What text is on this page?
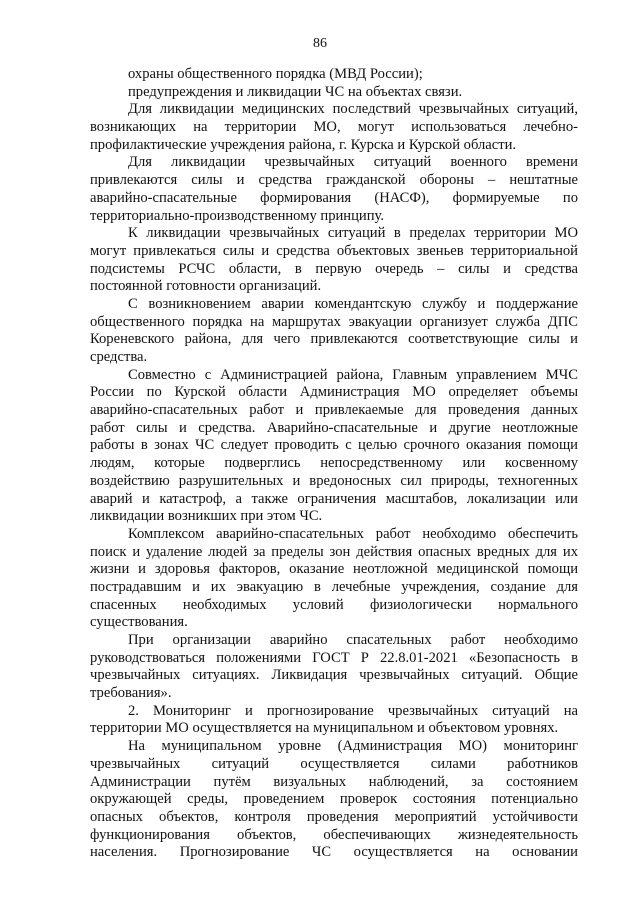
86
охраны общественного порядка (МВД России);
предупреждения и ликвидации ЧС на объектах связи.
Для ликвидации медицинских последствий чрезвычайных ситуаций,
возникающих на территории МО, могут использоваться лечебно-
профилактические учреждения района, г. Курска и Курской области.
Для ликвидации чрезвычайных ситуаций военного времени
привлекаются силы и средства гражданской обороны – нештатные
аварийно-спасательные формирования (НАСФ), формируемые по
территориально-производственному принципу.
К ликвидации чрезвычайных ситуаций в пределах территории МО
могут привлекаться силы и средства объектовых звеньев территориальной
подсистемы РСЧС области, в первую очередь – силы и средства
постоянной готовности организаций.
С возникновением аварии комендантскую службу и поддержание
общественного порядка на маршрутах эвакуации организует служба ДПС
Кореневского района, для чего привлекаются соответствующие силы и
средства.
Совместно с Администрацией района, Главным управлением МЧС
России по Курской области Администрация МО определяет объемы
аварийно-спасательных работ и привлекаемые для проведения данных
работ силы и средства. Аварийно-спасательные и другие неотложные
работы в зонах ЧС следует проводить с целью срочного оказания помощи
людям, которые подверглись непосредственному или косвенному
воздействию разрушительных и вредоносных сил природы, техногенных
аварий и катастроф, а также ограничения масштабов, локализации или
ликвидации возникших при этом ЧС.
Комплексом аварийно-спасательных работ необходимо обеспечить
поиск и удаление людей за пределы зон действия опасных вредных для их
жизни и здоровья факторов, оказание неотложной медицинской помощи
пострадавшим и их эвакуацию в лечебные учреждения, создание для
спасенных необходимых условий физиологически нормального
существования.
При организации аварийно спасательных работ необходимо
руководствоваться положениями ГОСТ Р 22.8.01-2021 «Безопасность в
чрезвычайных ситуациях. Ликвидация чрезвычайных ситуаций. Общие
требования».
2. Мониторинг и прогнозирование чрезвычайных ситуаций на
территории МО осуществляется на муниципальном и объектовом уровнях.
На муниципальном уровне (Администрация МО) мониторинг
чрезвычайных ситуаций осуществляется силами работников
Администрации путём визуальных наблюдений, за состоянием
окружающей среды, проведением проверок состояния потенциально
опасных объектов, контроля проведения мероприятий устойчивости
функционирования объектов, обеспечивающих жизнедеятельность
населения. Прогнозирование ЧС осуществляется на основании
